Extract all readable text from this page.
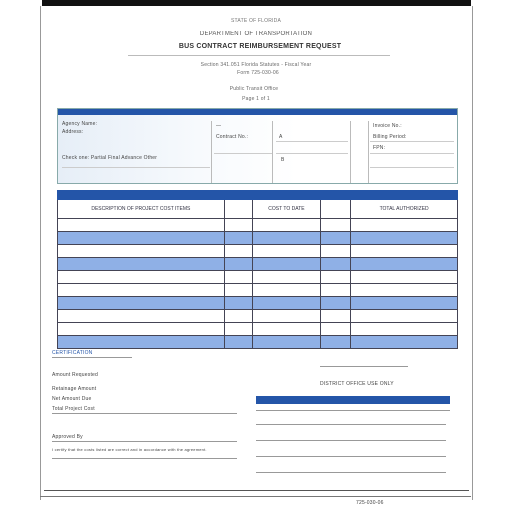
STATE OF FLORIDA
DEPARTMENT OF TRANSPORTATION
BUS CONTRACT REIMBURSEMENT REQUEST
Section 341.051 Florida Statutes - Fiscal Year
Form 725-030-06
Public Transit Office
Page 1 of 1
Agency Name:
Address:
Check one: Partial Final Advance Other
—
Contract No.:	A
B
Invoice No.:
Billing Period:
FPN:

DESCRIPTION OF PROJECT COST ITEMS		COST TO DATE		TOTAL AUTHORIZED

CERTIFICATION
Amount Requested
Retainage Amount
Net Amount Due
Total Project Cost
Approved By
I certify that the costs listed are correct and in accordance with the agreement.
DISTRICT OFFICE USE ONLY
725-030-06
